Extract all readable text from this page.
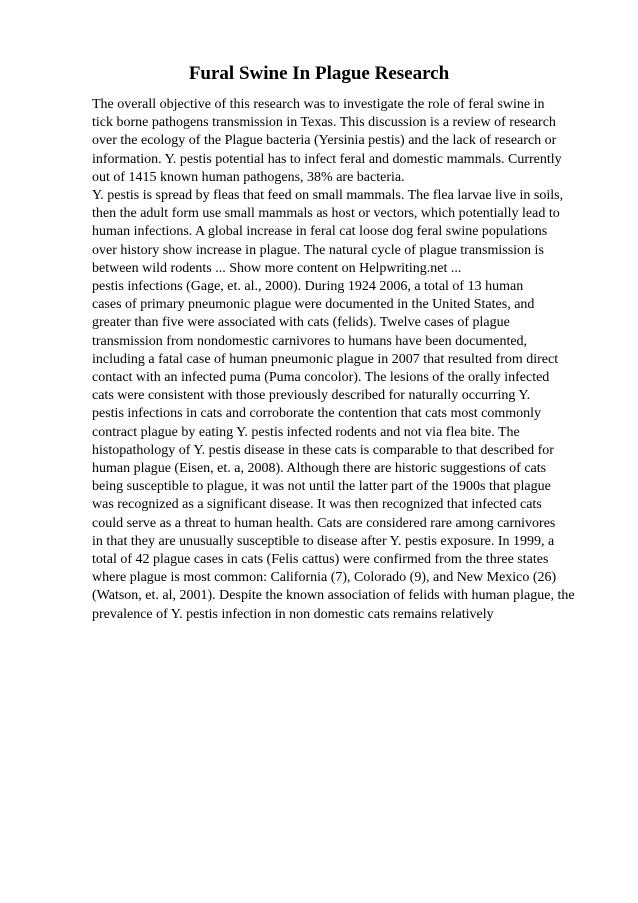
Fural Swine In Plague Research
The overall objective of this research was to investigate the role of feral swine in
tick borne pathogens transmission in Texas. This discussion is a review of research
over the ecology of the Plague bacteria (Yersinia pestis) and the lack of research or
information. Y. pestis potential has to infect feral and domestic mammals. Currently
out of 1415 known human pathogens, 38% are bacteria.
Y. pestis is spread by fleas that feed on small mammals. The flea larvae live in soils,
then the adult form use small mammals as host or vectors, which potentially lead to
human infections. A global increase in feral cat loose dog feral swine populations
over history show increase in plague. The natural cycle of plague transmission is
between wild rodents ... Show more content on Helpwriting.net ...
pestis infections (Gage, et. al., 2000). During 1924 2006, a total of 13 human
cases of primary pneumonic plague were documented in the United States, and
greater than five were associated with cats (felids). Twelve cases of plague
transmission from nondomestic carnivores to humans have been documented,
including a fatal case of human pneumonic plague in 2007 that resulted from direct
contact with an infected puma (Puma concolor). The lesions of the orally infected
cats were consistent with those previously described for naturally occurring Y.
pestis infections in cats and corroborate the contention that cats most commonly
contract plague by eating Y. pestis infected rodents and not via flea bite. The
histopathology of Y. pestis disease in these cats is comparable to that described for
human plague (Eisen, et. a, 2008). Although there are historic suggestions of cats
being susceptible to plague, it was not until the latter part of the 1900s that plague
was recognized as a significant disease. It was then recognized that infected cats
could serve as a threat to human health. Cats are considered rare among carnivores
in that they are unusually susceptible to disease after Y. pestis exposure. In 1999, a
total of 42 plague cases in cats (Felis cattus) were confirmed from the three states
where plague is most common: California (7), Colorado (9), and New Mexico (26)
(Watson, et. al, 2001). Despite the known association of felids with human plague, the
prevalence of Y. pestis infection in non domestic cats remains relatively
